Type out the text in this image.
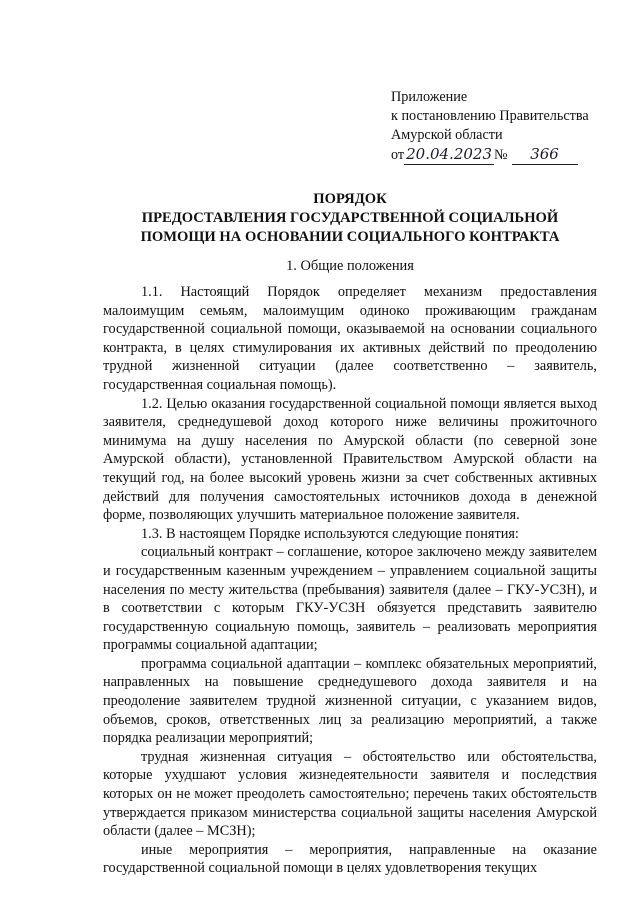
Приложение
к постановлению Правительства
Амурской области
от 20.04.2023 №	366
ПОРЯДОК
ПРЕДОСТАВЛЕНИЯ ГОСУДАРСТВЕННОЙ СОЦИАЛЬНОЙ
ПОМОЩИ НА ОСНОВАНИИ СОЦИАЛЬНОГО КОНТРАКТА
1. Общие положения

1.1. Настоящий Порядок определяет механизм предоставления малоимущим семьям, малоимущим одиноко проживающим гражданам государственной социальной помощи, оказываемой на основании социального контракта, в целях стимулирования их активных действий по преодолению трудной жизненной ситуации (далее соответственно – заявитель, государственная социальная помощь).

1.2. Целью оказания государственной социальной помощи является выход заявителя, среднедушевой доход которого ниже величины прожиточного минимума на душу населения по Амурской области (по северной зоне Амурской области), установленной Правительством Амурской области на текущий год, на более высокий уровень жизни за счет собственных активных действий для получения самостоятельных источников дохода в денежной форме, позволяющих улучшить материальное положение заявителя.

1.3. В настоящем Порядке используются следующие понятия:

социальный контракт – соглашение, которое заключено между заявителем и государственным казенным учреждением – управлением социальной защиты населения по месту жительства (пребывания) заявителя (далее – ГКУ-УСЗН), и в соответствии с которым ГКУ-УСЗН обязуется представить заявителю государственную социальную помощь, заявитель – реализовать мероприятия программы социальной адаптации;

программа социальной адаптации – комплекс обязательных мероприятий, направленных на повышение среднедушевого дохода заявителя и на преодоление заявителем трудной жизненной ситуации, с указанием видов, объемов, сроков, ответственных лиц за реализацию мероприятий, а также порядка реализации мероприятий;

трудная жизненная ситуация – обстоятельство или обстоятельства, которые ухудшают условия жизнедеятельности заявителя и последствия которых он не может преодолеть самостоятельно; перечень таких обстоятельств утверждается приказом министерства социальной защиты населения Амурской области (далее – МСЗН);

иные мероприятия – мероприятия, направленные на оказание государственной социальной помощи в целях удовлетворения текущих
